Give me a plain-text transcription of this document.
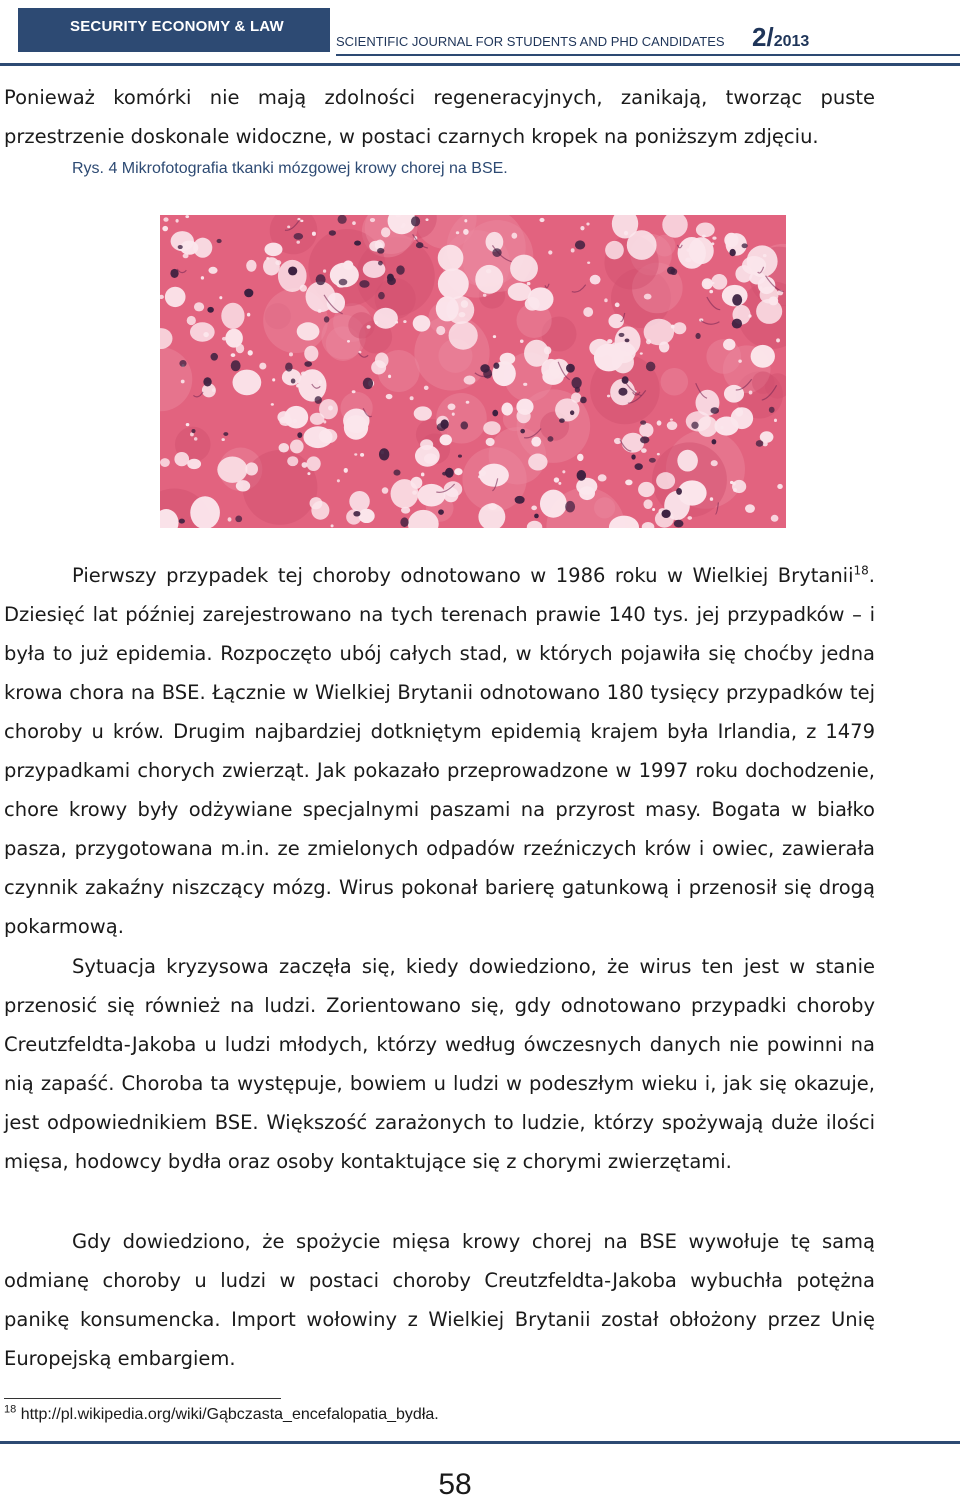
SECURITY ECONOMY & LAW
SCIENTIFIC JOURNAL FOR STUDENTS AND PHD CANDIDATES 2/2013

Ponieważ komórki nie mają zdolności regeneracyjnych, zanikają, tworząc puste przestrzenie doskonale widoczne, w postaci czarnych kropek na poniższym zdjęciu.

Rys. 4 Mikrofotografia tkanki mózgowej krowy chorej na BSE.

Pierwszy przypadek tej choroby odnotowano w 1986 roku w Wielkiej Brytanii$^{18}$. Dziesięć lat później zarejestrowano na tych terenach prawie 140 tys. jej przypadków – i była to już epidemia. Rozpoczęto ubój całych stad, w których pojawiła się choćby jedna krowa chora na BSE. Łącznie w Wielkiej Brytanii odnotowano 180 tysięcy przypadków tej choroby u krów. Drugim najbardziej dotkniętym epidemią krajem była Irlandia, z 1479 przypadkami chorych zwierząt. Jak pokazało przeprowadzone w 1997 roku dochodzenie, chore krowy były odżywiane specjalnymi paszami na przyrost masy. Bogata w białko pasza, przygotowana m.in. ze zmielonych odpadów rzeźniczych krów i owiec, zawierała czynnik zakaźny niszczący mózg. Wirus pokonał barierę gatunkową i przenosił się drogą pokarmową.

Sytuacja kryzysowa zaczęła się, kiedy dowiedziono, że wirus ten jest w stanie przenosić się również na ludzi. Zorientowano się, gdy odnotowano przypadki choroby Creutzfeldta-Jakoba u ludzi młodych, którzy według ówczesnych danych nie powinni na nią zapaść. Choroba ta występuje, bowiem u ludzi w podeszłym wieku i, jak się okazuje, jest odpowiednikiem BSE. Większość zarażonych to ludzie, którzy spożywają duże ilości mięsa, hodowcy bydła oraz osoby kontaktujące się z chorymi zwierzętami.

Gdy dowiedziono, że spożycie mięsa krowy chorej na BSE wywołuje tę samą odmianę choroby u ludzi w postaci choroby Creutzfeldta-Jakoba wybuchła potężna panikę konsumencka. Import wołowiny z Wielkiej Brytanii został obłożony przez Unię Europejską embargiem.

$^{18}$ http://pl.wikipedia.org/wiki/Gąbczasta_encefalopatia_bydła.
58
